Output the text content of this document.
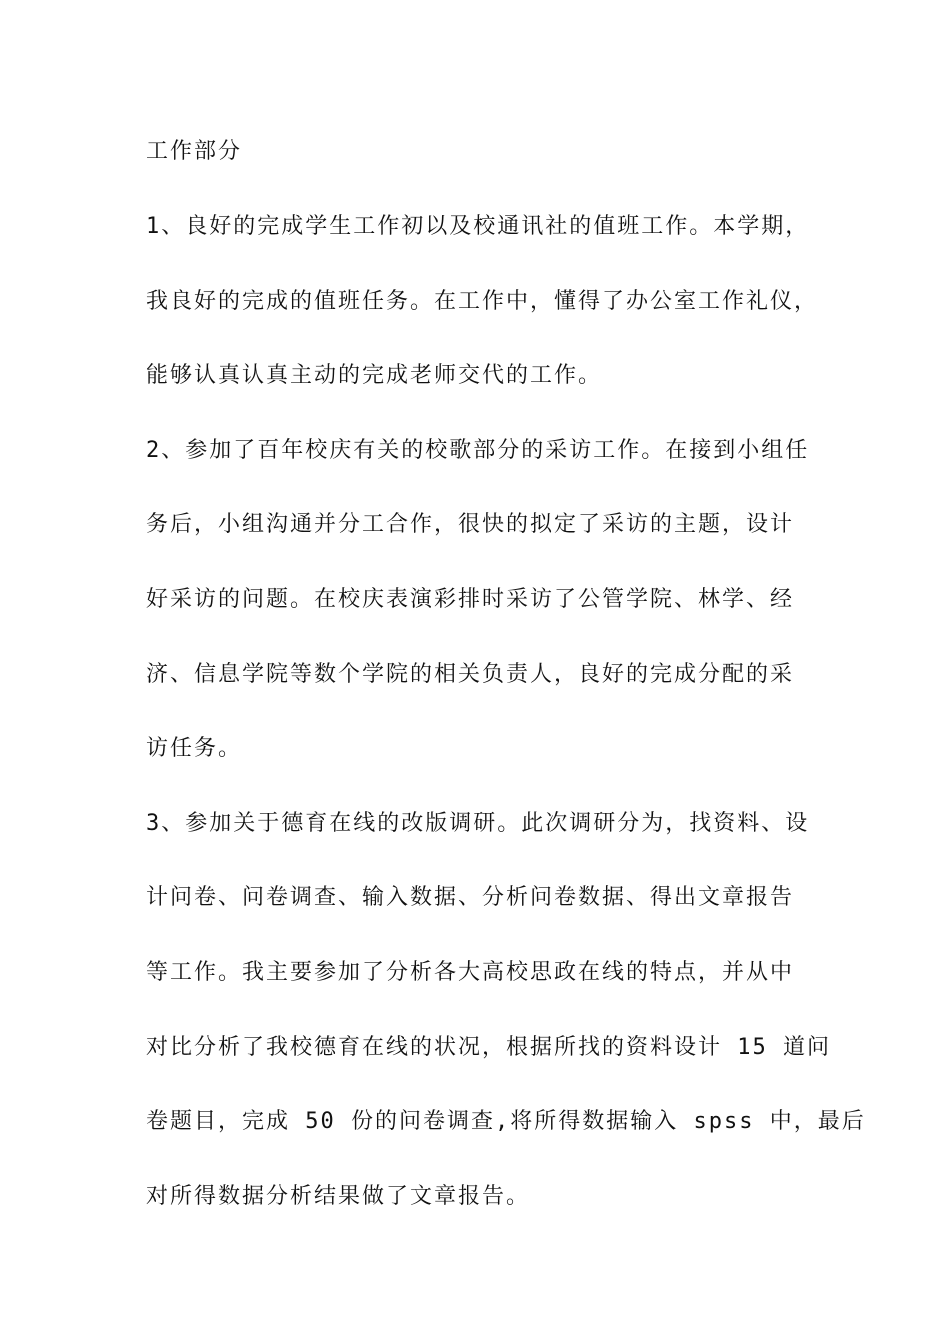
工作部分
1、良好的完成学生工作初以及校通讯社的值班工作。本学期，
我良好的完成的值班任务。在工作中，懂得了办公室工作礼仪，
能够认真认真主动的完成老师交代的工作。
2、参加了百年校庆有关的校歌部分的采访工作。在接到小组任
务后，小组沟通并分工合作，很快的拟定了采访的主题，设计
好采访的问题。在校庆表演彩排时采访了公管学院、林学、经
济、信息学院等数个学院的相关负责人，良好的完成分配的采
访任务。
3、参加关于德育在线的改版调研。此次调研分为，找资料、设
计问卷、问卷调查、输入数据、分析问卷数据、得出文章报告
等工作。我主要参加了分析各大高校思政在线的特点，并从中
对比分析了我校德育在线的状况，根据所找的资料设计 15 道问
卷题目，完成 50 份的问卷调查,将所得数据输入 spss 中，最后
对所得数据分析结果做了文章报告。
